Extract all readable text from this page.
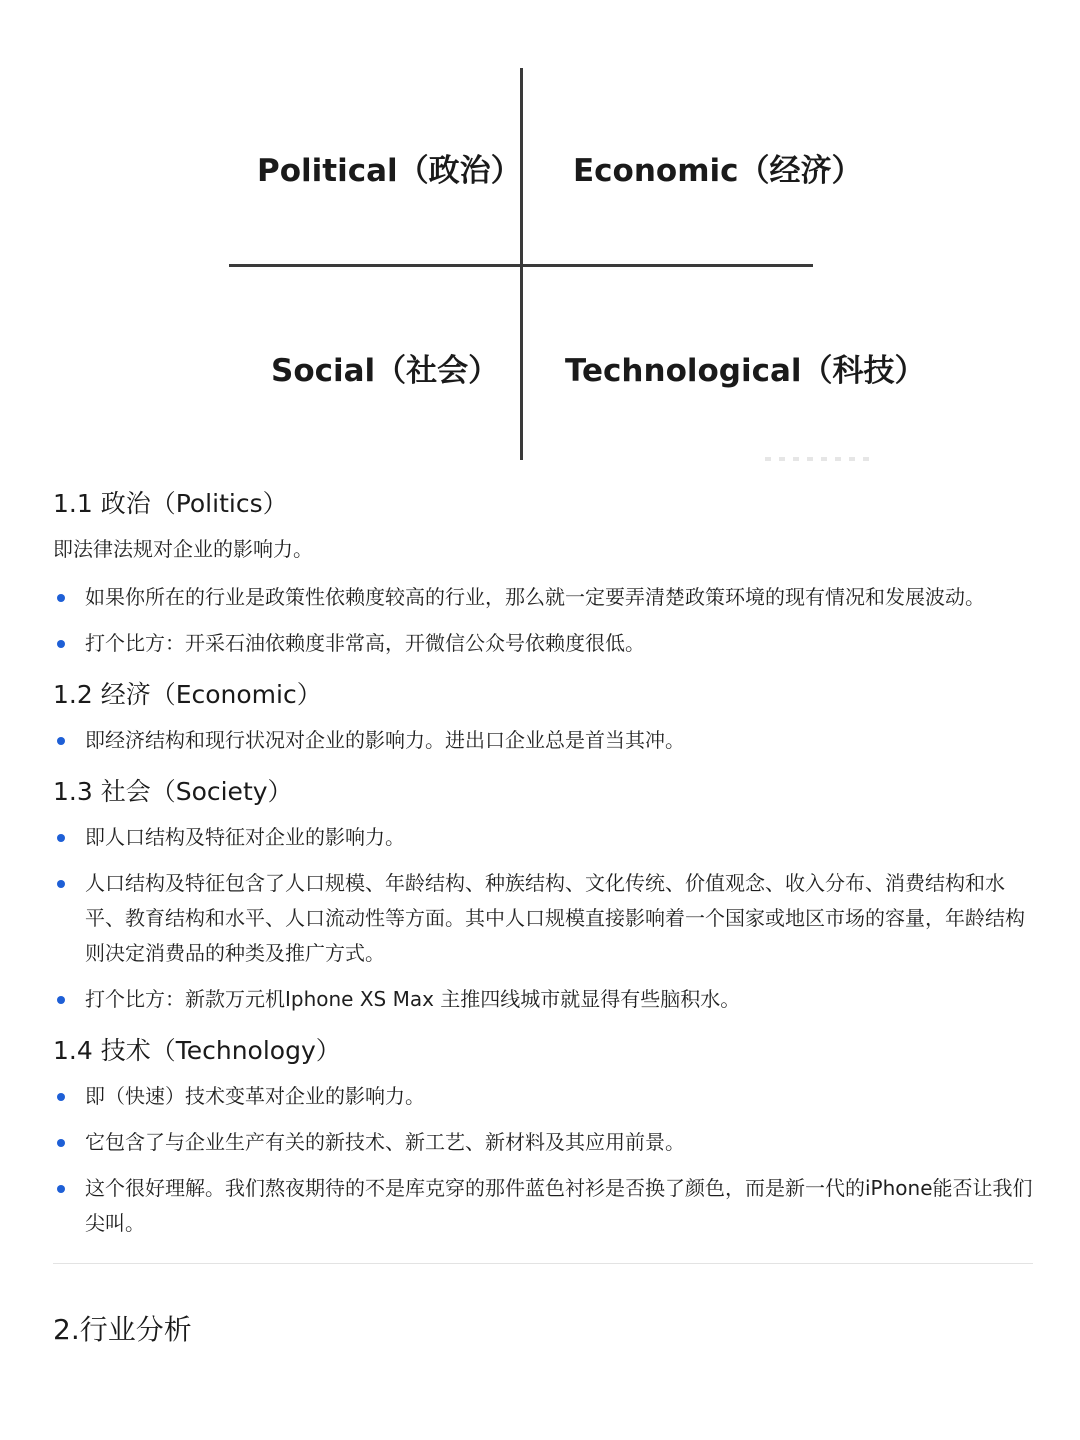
Political（政治） Economic（经济）
Social（社会） Technological（科技）
1.1 政治（Politics）
即法律法规对企业的影响力。
如果你所在的行业是政策性依赖度较高的行业，那么就一定要弄清楚政策环境的现有情况和发展波动。
打个比方：开采石油依赖度非常高，开微信公众号依赖度很低。
1.2 经济（Economic）
即经济结构和现行状况对企业的影响力。进出口企业总是首当其冲。
1.3 社会（Society）
即人口结构及特征对企业的影响力。
人口结构及特征包含了人口规模、年龄结构、种族结构、文化传统、价值观念、收入分布、消费结构和水平、教育结构和水平、人口流动性等方面。其中人口规模直接影响着一个国家或地区市场的容量，年龄结构则决定消费品的种类及推广方式。
打个比方：新款万元机Iphone XS Max 主推四线城市就显得有些脑积水。
1.4 技术（Technology）
即（快速）技术变革对企业的影响力。
它包含了与企业生产有关的新技术、新工艺、新材料及其应用前景。
这个很好理解。我们熬夜期待的不是库克穿的那件蓝色衬衫是否换了颜色，而是新一代的iPhone能否让我们尖叫。
2.行业分析
